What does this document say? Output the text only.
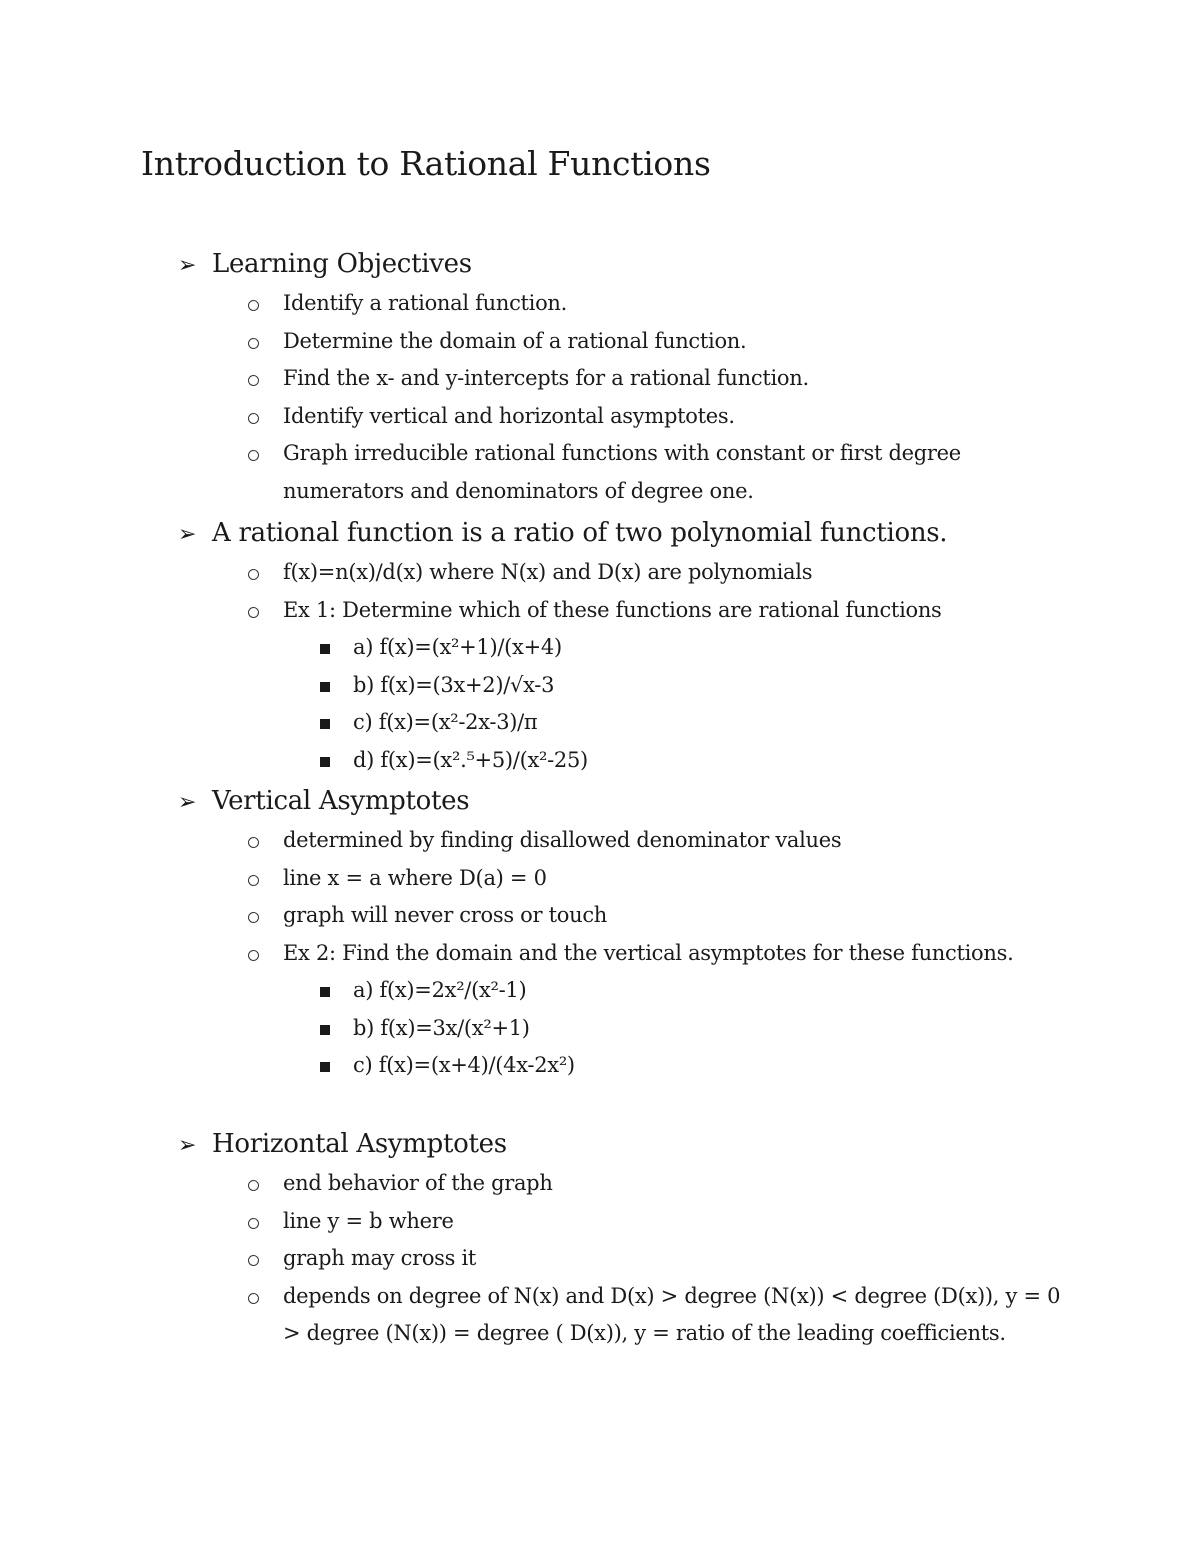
Introduction to Rational Functions
➢ Learning Objectives
Identify a rational function.
Determine the domain of a rational function.
Find the x- and y-intercepts for a rational function.
Identify vertical and horizontal asymptotes.
Graph irreducible rational functions with constant or first degree numerators and denominators of degree one.
➢ A rational function is a ratio of two polynomial functions.
f(x)=n(x)/d(x) where N(x) and D(x) are polynomials
Ex 1: Determine which of these functions are rational functions
a) f(x)=(x²+1)/(x+4)
b) f(x)=(3x+2)/√x-3
c) f(x)=(x²-2x-3)/π
d) f(x)=(x².⁵+5)/(x²-25)
➢ Vertical Asymptotes
determined by finding disallowed denominator values
line x = a where D(a) = 0
graph will never cross or touch
Ex 2: Find the domain and the vertical asymptotes for these functions.
a) f(x)=2x²/(x²-1)
b) f(x)=3x/(x²+1)
c) f(x)=(x+4)/(4x-2x²)
➢ Horizontal Asymptotes
end behavior of the graph
line y = b where
graph may cross it
depends on degree of N(x) and D(x) > degree (N(x)) < degree (D(x)), y = 0 > degree (N(x)) = degree ( D(x)), y = ratio of the leading coefficients.
